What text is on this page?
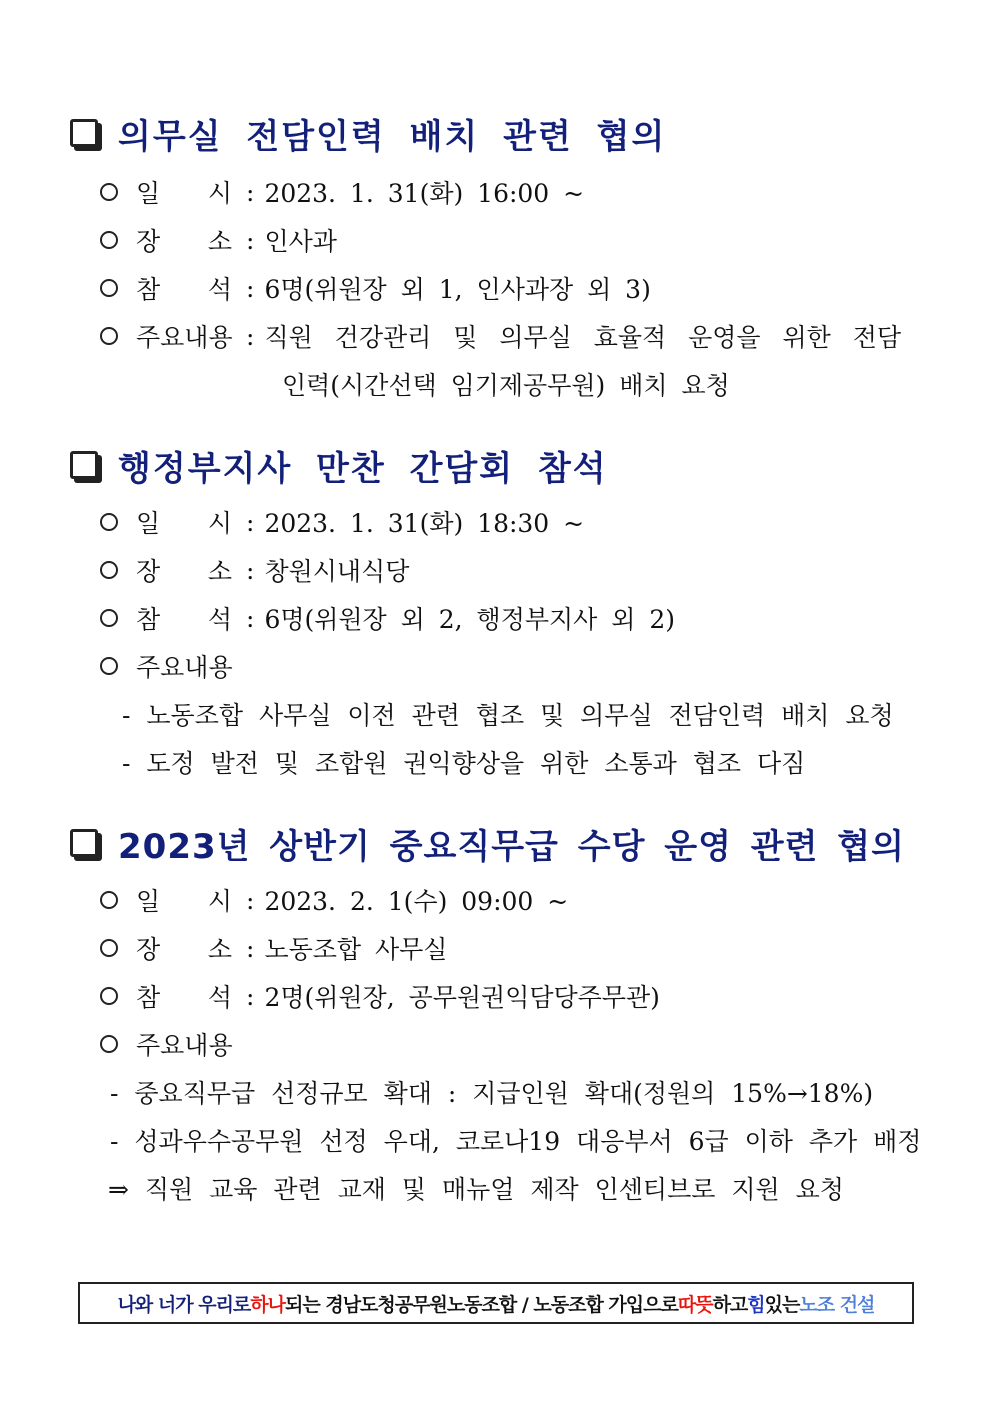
의무실 전담인력 배치 관련 협의
일 시 : 2023. 1. 31(화) 16:00 ~
장 소 : 인사과
참 석 : 6명(위원장 외 1, 인사과장 외 3)
주요내용 : 직원 건강관리 및 의무실 효율적 운영을 위한 전담
인력(시간선택 임기제공무원) 배치 요청
행정부지사 만찬 간담회 참석
일 시 : 2023. 1. 31(화) 18:30 ~
장 소 : 창원시내식당
참 석 : 6명(위원장 외 2, 행정부지사 외 2)
주요내용
- 노동조합 사무실 이전 관련 협조 및 의무실 전담인력 배치 요청
- 도정 발전 및 조합원 권익향상을 위한 소통과 협조 다짐
2023년 상반기 중요직무급 수당 운영 관련 협의
일 시 : 2023. 2. 1(수) 09:00 ~
장 소 : 노동조합 사무실
참 석 : 2명(위원장, 공무원권익담당주무관)
주요내용
- 중요직무급 선정규모 확대 : 지급인원 확대(정원의 15%→18%)
- 성과우수공무원 선정 우대, 코로나19 대응부서 6급 이하 추가 배정
⇒ 직원 교육 관련 교재 및 매뉴얼 제작 인센티브로 지원 요청
나와 너가 우리로 하나 되는 경남도청공무원노동조합 / 노동조합 가입으로 따뜻 하고 힘 있는 노조 건설
